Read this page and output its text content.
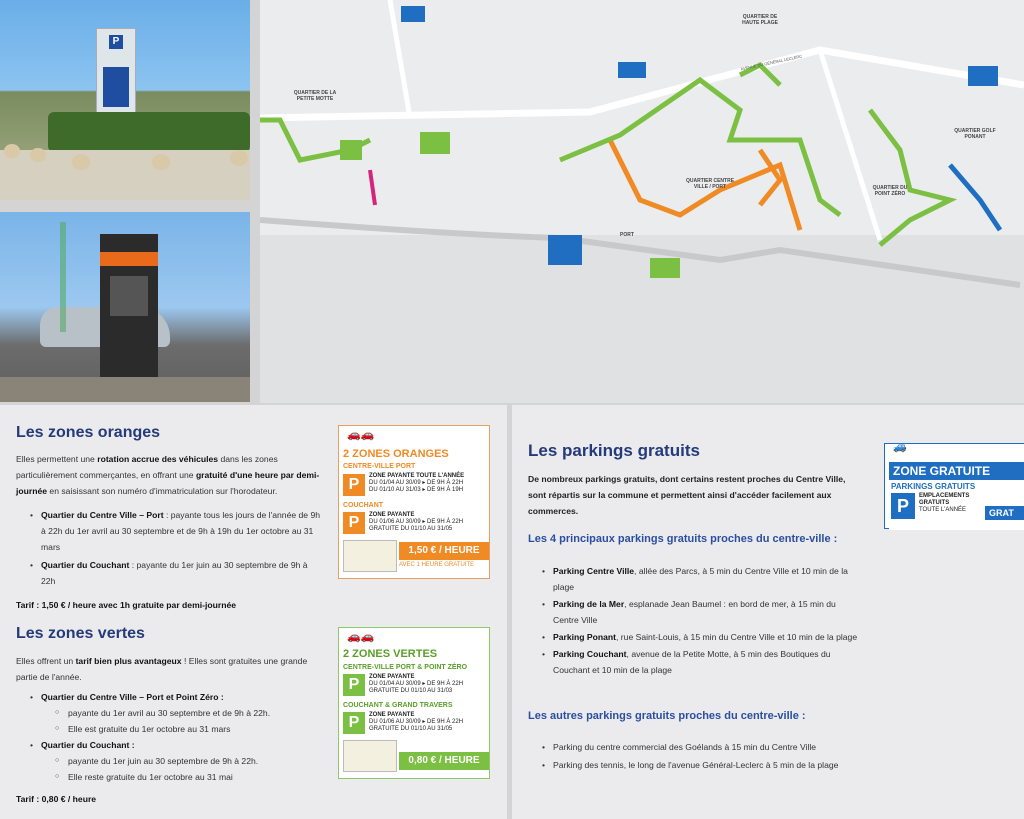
P
QUARTIER DE HAUTE PLAGE
QUARTIER DE LA PETITE MOTTE
QUARTIER CENTRE VILLE / PORT	QUARTIER DU POINT ZÉRO
QUARTIER GOLF PONANT
PORT
AVENUE DU GÉNÉRAL LECLERC
Les zones oranges

Elles permettent une rotation accrue des véhicules dans les zones particulièrement commerçantes, en offrant une gratuité d'une heure par demi-journée en saisissant son numéro d'immatriculation sur l'horodateur.

• Quartier du Centre Ville – Port : payante tous les jours de l'année de 9h à 22h du 1er avril au 30 septembre et de 9h à 19h du 1er octobre au 31 mars
• Quartier du Couchant : payante du 1er juin au 30 septembre de 9h à 22h

Tarif : 1,50 € / heure avec 1h gratuite par demi-journée

Les zones vertes

Elles offrent un tarif bien plus avantageux ! Elles sont gratuites une grande partie de l'année.

• Quartier du Centre Ville – Port et Point Zéro :
○ payante du 1er avril au 30 septembre et de 9h à 22h.
○ Elle est gratuite du 1er octobre au 31 mars
• Quartier du Couchant :
○ payante du 1er juin au 30 septembre de 9h à 22h.
○ Elle reste gratuite du 1er octobre au 31 mai

Tarif : 0,80 € / heure

🚗🚗
2 ZONES ORANGES
CENTRE-VILLE PORT
P	ZONE PAYANTE TOUTE L'ANNÉE
DU 01/04 AU 30/09 ▸ DE 9H À 22H
DU 01/10 AU 31/03 ▸ DE 9H À 19H
COUCHANT
P	ZONE PAYANTE
DU 01/06 AU 30/09 ▸ DE 9H À 22H
GRATUITE DU 01/10 AU 31/05
1,50 € / HEURE
AVEC 1 HEURE GRATUITE
🚗🚗
2 ZONES VERTES
CENTRE-VILLE PORT & POINT ZÉRO
P	ZONE PAYANTE
DU 01/04 AU 30/09 ▸ DE 9H À 22H
GRATUITE DU 01/10 AU 31/03
COUCHANT & GRAND TRAVERS
P	ZONE PAYANTE
DU 01/06 AU 30/09 ▸ DE 9H À 22H
GRATUITE DU 01/10 AU 31/05
0,80 € / HEURE
Les parkings gratuits

De nombreux parkings gratuits, dont certains restent proches du Centre Ville, sont répartis sur la commune et permettent ainsi d'accéder facilement aux commerces.

Les 4 principaux parkings gratuits proches du centre-ville :
• Parking Centre Ville, allée des Parcs, à 5 min du Centre Ville et 10 min de la plage
• Parking de la Mer, esplanade Jean Baumel : en bord de mer, à 15 min du Centre Ville
• Parking Ponant, rue Saint-Louis, à 15 min du Centre Ville et 10 min de la plage
• Parking Couchant, avenue de la Petite Motte, à 5 min des Boutiques du Couchant et 10 min de la plage
Les autres parkings gratuits proches du centre-ville :
• Parking du centre commercial des Goélands à 15 min du Centre Ville
• Parking des tennis, le long de l'avenue Général-Leclerc à 5 min de la plage
🚙
ZONE GRATUITE
PARKINGS GRATUITS
P	EMPLACEMENTS
GRATUITS
TOUTE L'ANNÉE	GRAT
